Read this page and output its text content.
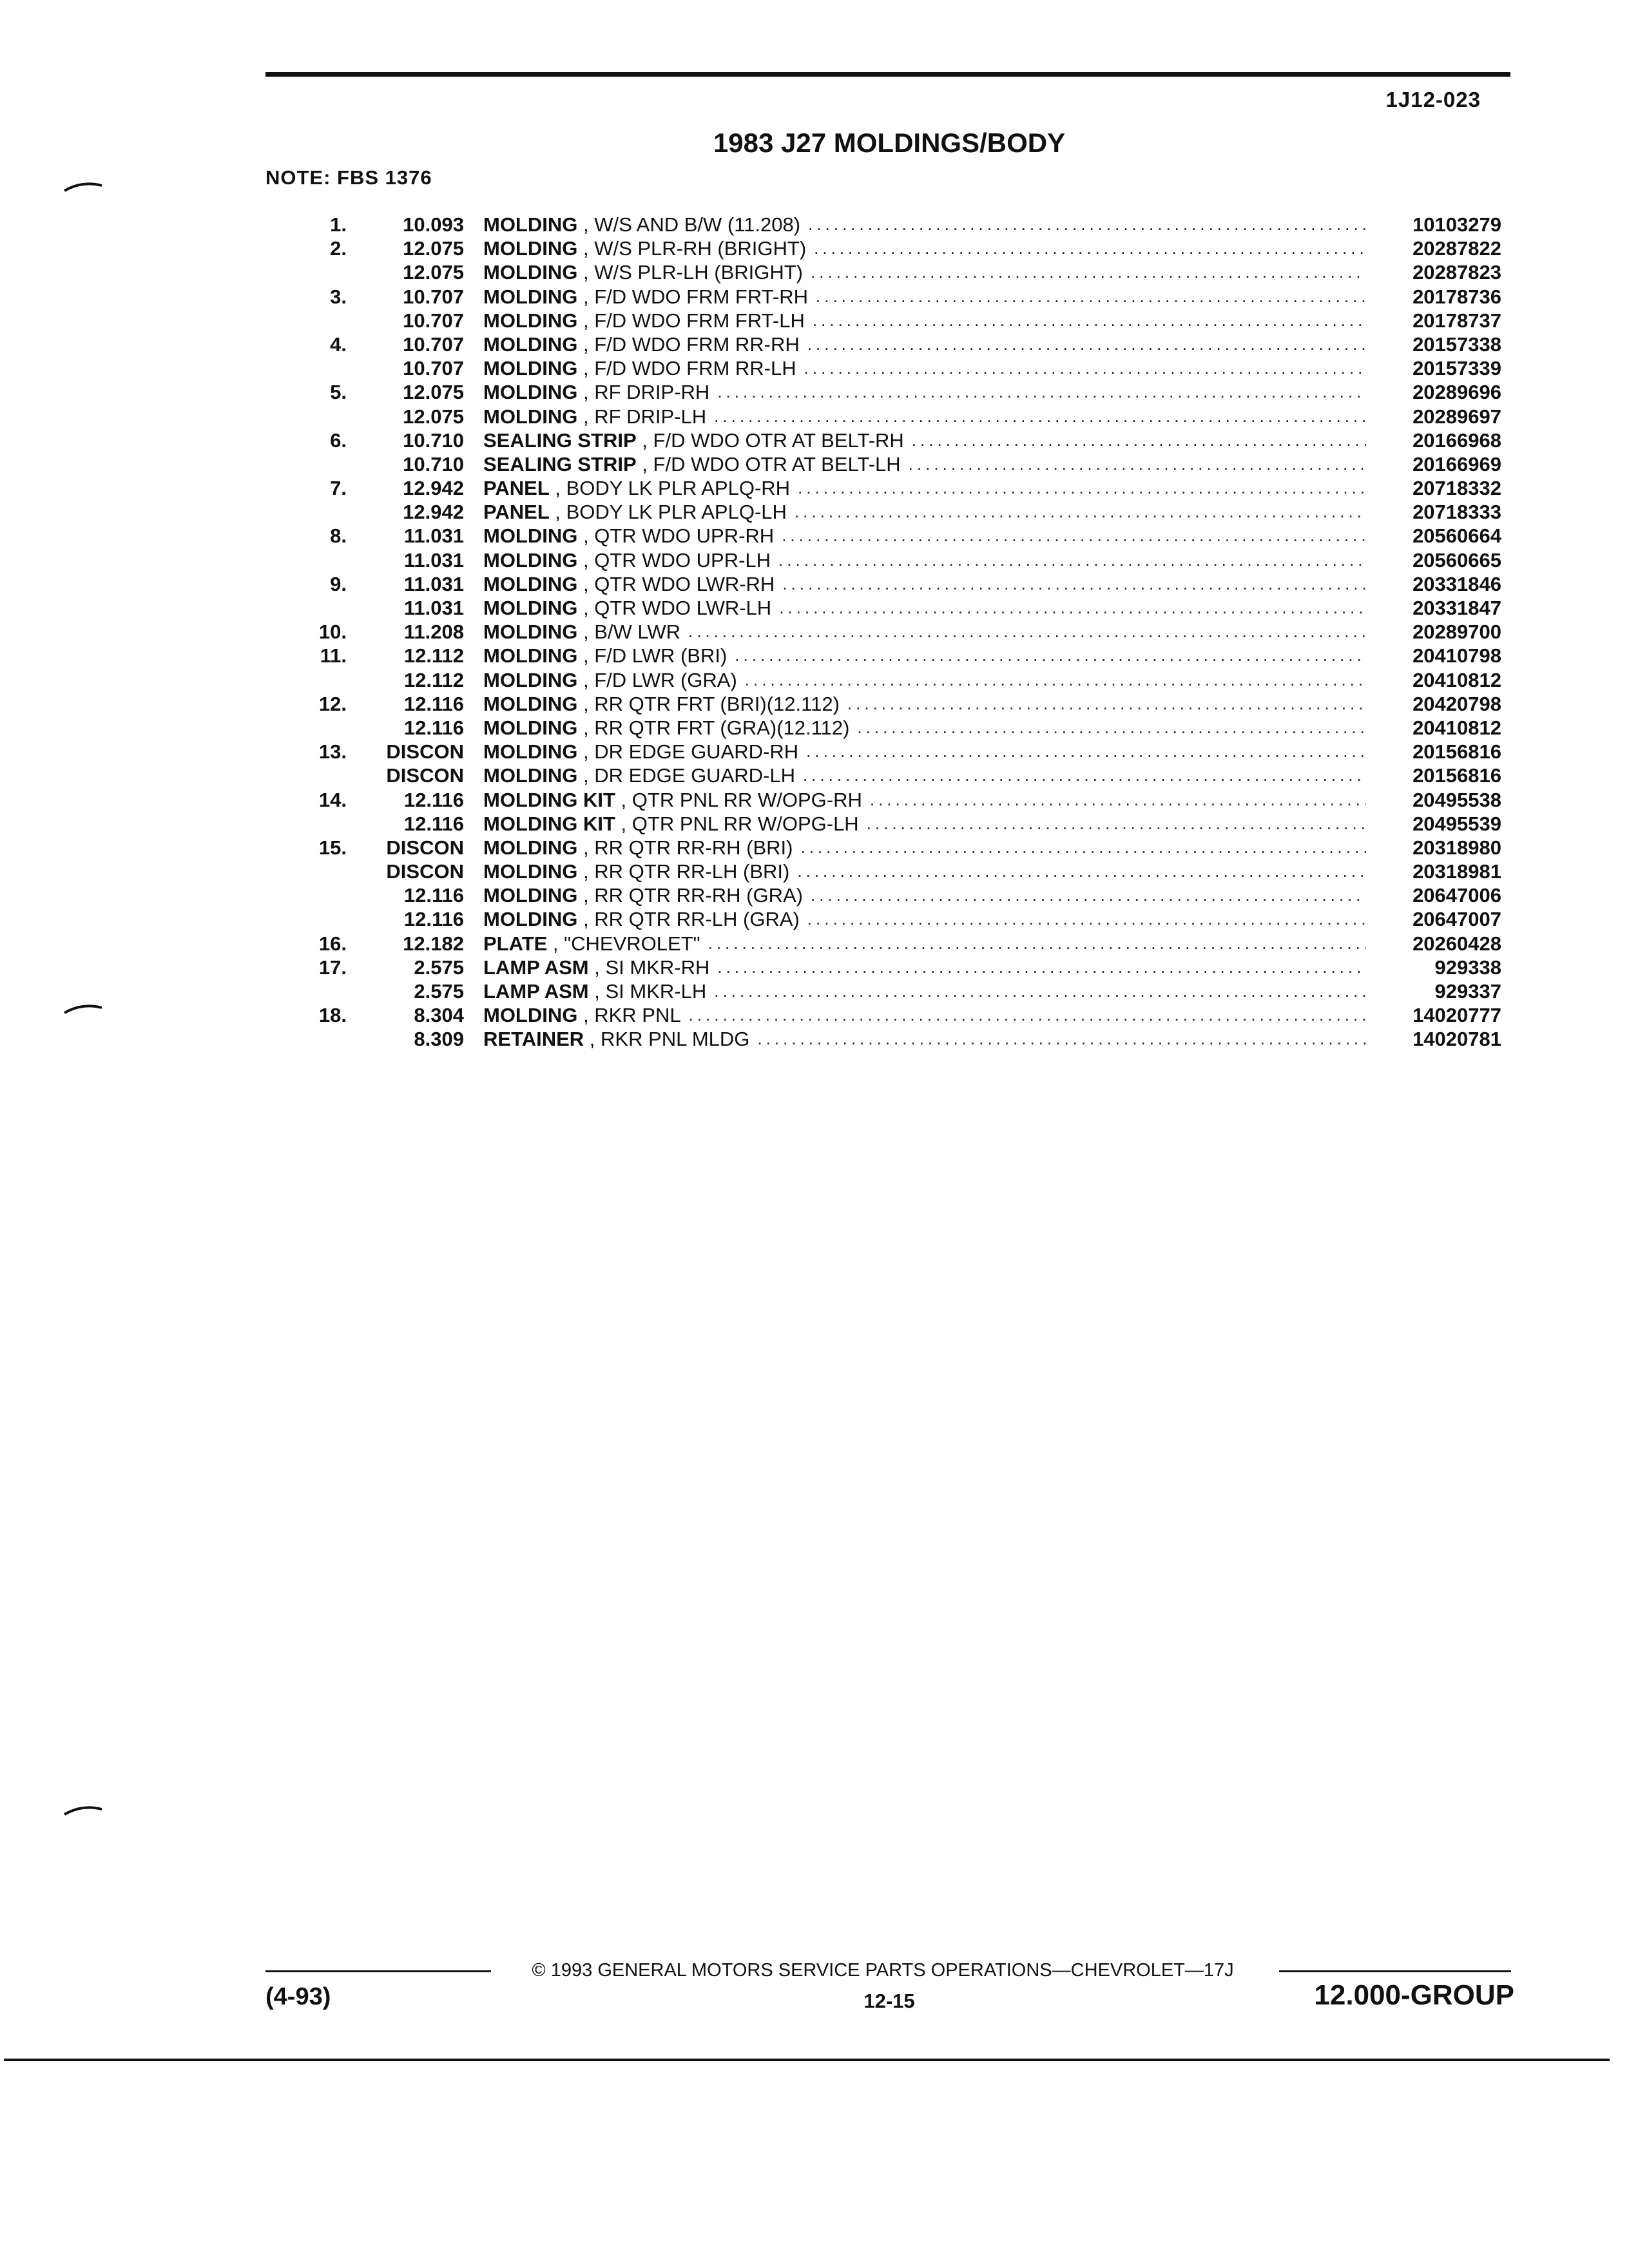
1J12-023
1983 J27 MOLDINGS/BODY
NOTE: FBS 1376
1.	10.093 MOLDING , W/S AND B/W (11.208) .....	10103279
2.	12.075 MOLDING , W/S PLR-RH (BRIGHT) .....	20287822
12.075 MOLDING , W/S PLR-LH (BRIGHT) .....	20287823
3.	10.707 MOLDING , F/D WDO FRM FRT-RH .....	20178736
10.707 MOLDING , F/D WDO FRM FRT-LH .....	20178737
4.	10.707 MOLDING , F/D WDO FRM RR-RH .....	20157338
10.707 MOLDING , F/D WDO FRM RR-LH .....	20157339
5.	12.075 MOLDING , RF DRIP-RH .....	20289696
12.075 MOLDING , RF DRIP-LH .....	20289697
6.	10.710 SEALING STRIP , F/D WDO OTR AT BELT-RH .....	20166968
10.710 SEALING STRIP , F/D WDO OTR AT BELT-LH .....	20166969
7.	12.942 PANEL , BODY LK PLR APLQ-RH .....	20718332
12.942 PANEL , BODY LK PLR APLQ-LH .....	20718333
8.	11.031 MOLDING , QTR WDO UPR-RH .....	20560664
11.031 MOLDING , QTR WDO UPR-LH .....	20560665
9.	11.031 MOLDING , QTR WDO LWR-RH .....	20331846
11.031 MOLDING , QTR WDO LWR-LH .....	20331847
10.	11.208 MOLDING , B/W LWR .....	20289700
11.	12.112 MOLDING , F/D LWR (BRI) .....	20410798
12.112 MOLDING , F/D LWR (GRA) .....	20410812
12.	12.116 MOLDING , RR QTR FRT (BRI)(12.112) .....	20420798
12.116 MOLDING , RR QTR FRT (GRA)(12.112) .....	20410812
13. DISCON MOLDING , DR EDGE GUARD-RH .....	20156816
DISCON MOLDING , DR EDGE GUARD-LH .....	20156816
14.	12.116 MOLDING KIT , QTR PNL RR W/OPG-RH .....	20495538
12.116 MOLDING KIT , QTR PNL RR W/OPG-LH .....	20495539
15. DISCON MOLDING , RR QTR RR-RH (BRI) .....	20318980
DISCON MOLDING , RR QTR RR-LH (BRI) .....	20318981
12.116 MOLDING , RR QTR RR-RH (GRA) .....	20647006
12.116 MOLDING , RR QTR RR-LH (GRA) .....	20647007
16.	12.182 PLATE , "CHEVROLET" .....	20260428
17.	2.575 LAMP ASM , SI MKR-RH .....	929338
2.575 LAMP ASM , SI MKR-LH .....	929337
18.	8.304 MOLDING , RKR PNL .....	14020777
8.309 RETAINER , RKR PNL MLDG .....	14020781
© 1993 GENERAL MOTORS SERVICE PARTS OPERATIONS—CHEVROLET—17J
(4-93)	12-15	12.000-GROUP
